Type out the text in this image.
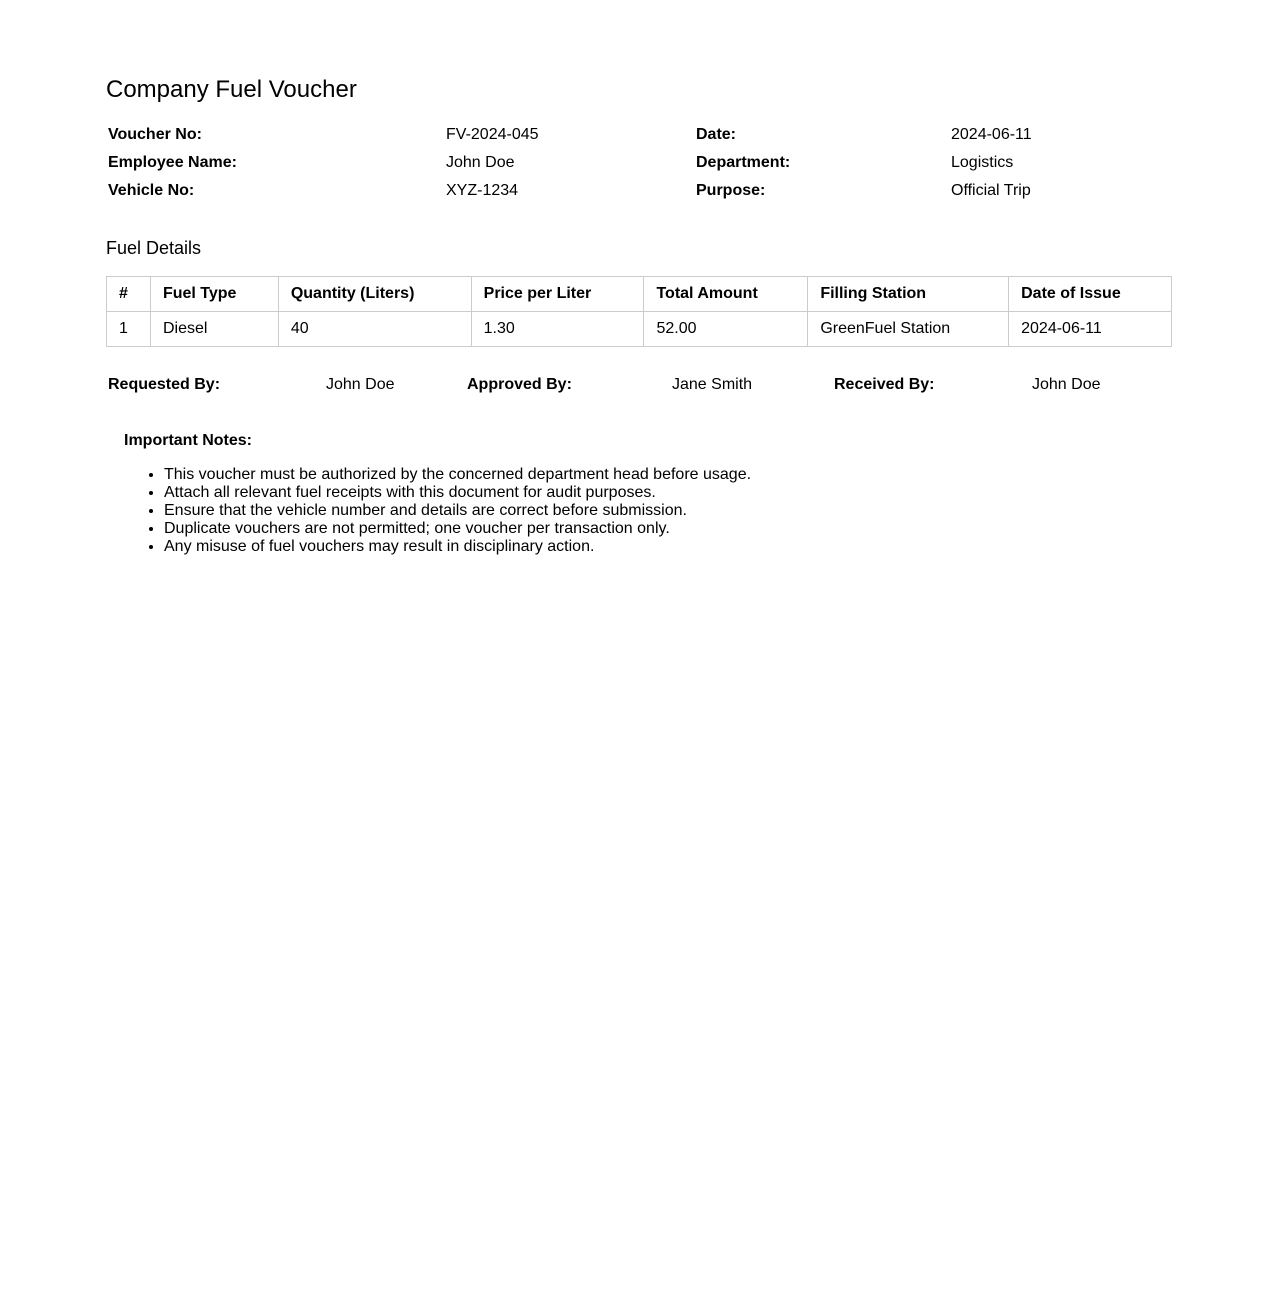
Company Fuel Voucher
Voucher No:	FV-2024-045	Date:	2024-06-11
Employee Name:	John Doe	Department:	Logistics
Vehicle No:	XYZ-1234	Purpose:	Official Trip
Fuel Details
#	Fuel Type	Quantity (Liters)	Price per Liter	Total Amount	Filling Station	Date of Issue
1	Diesel	40	1.30	52.00	GreenFuel Station	2024-06-11
Requested By:	John Doe	Approved By:	Jane Smith	Received By:	John Doe

Important Notes:

• This voucher must be authorized by the concerned department head before usage.
• Attach all relevant fuel receipts with this document for audit purposes.
• Ensure that the vehicle number and details are correct before submission.
• Duplicate vouchers are not permitted; one voucher per transaction only.
• Any misuse of fuel vouchers may result in disciplinary action.
